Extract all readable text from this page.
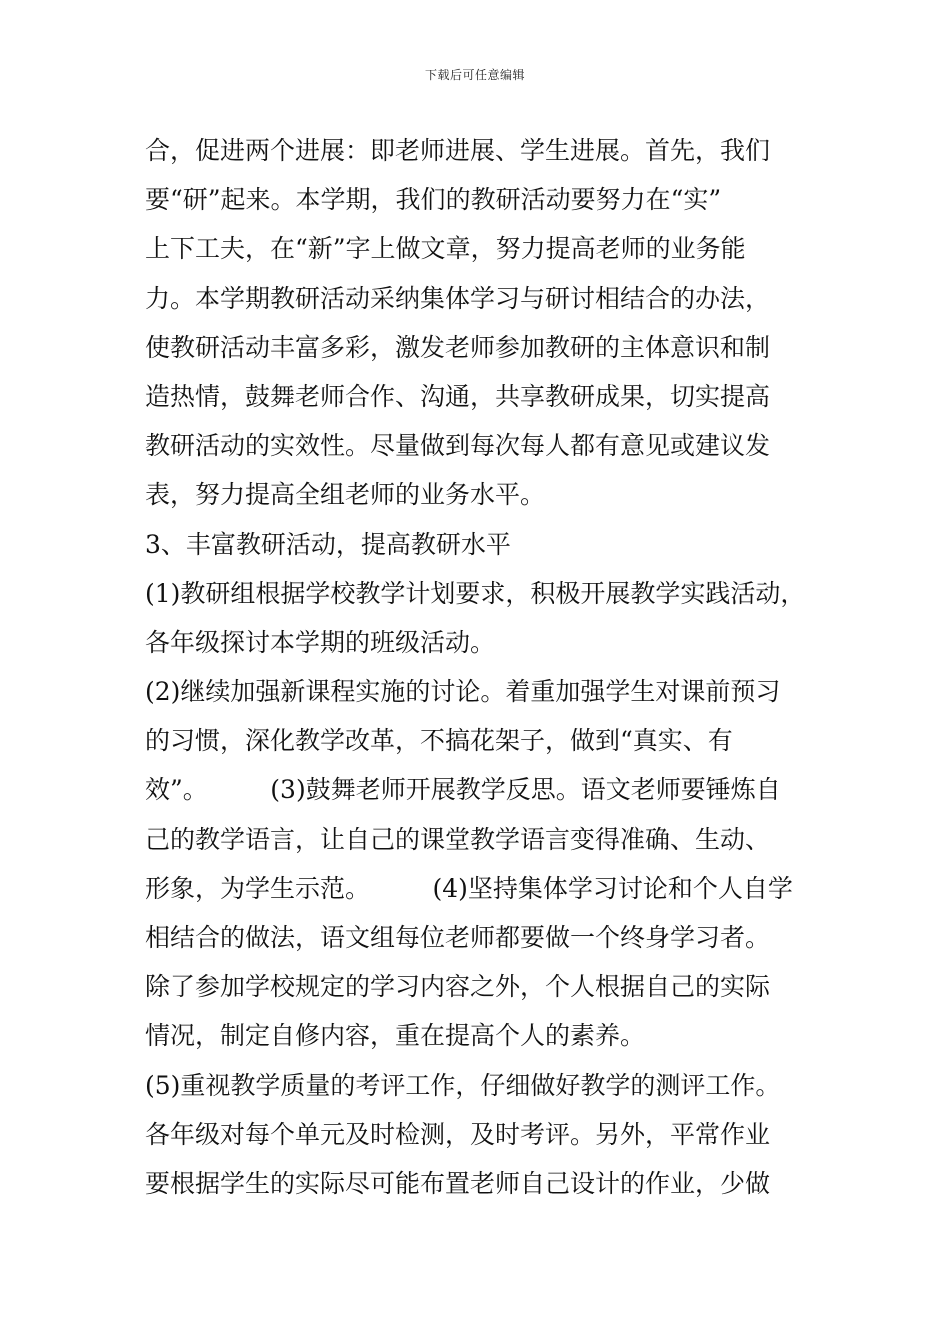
下载后可任意编辑
合，促进两个进展：即老师进展、学生进展。首先，我们
要“研”起来。本学期，我们的教研活动要努力在“实”
上下工夫，在“新”字上做文章，努力提高老师的业务能
力。本学期教研活动采纳集体学习与研讨相结合的办法，
使教研活动丰富多彩，激发老师参加教研的主体意识和制
造热情，鼓舞老师合作、沟通，共享教研成果，切实提高
教研活动的实效性。尽量做到每次每人都有意见或建议发
表，努力提高全组老师的业务水平。
3、丰富教研活动，提高教研水平
(1)教研组根据学校教学计划要求，积极开展教学实践活动，
各年级探讨本学期的班级活动。
(2)继续加强新课程实施的讨论。着重加强学生对课前预习
的习惯，深化教学改革，不搞花架子，做到“真实、有
效”。　　　(3)鼓舞老师开展教学反思。语文老师要锤炼自
己的教学语言，让自己的课堂教学语言变得准确、生动、
形象，为学生示范。　　　(4)坚持集体学习讨论和个人自学
相结合的做法，语文组每位老师都要做一个终身学习者。
除了参加学校规定的学习内容之外，个人根据自己的实际
情况，制定自修内容，重在提高个人的素养。
(5)重视教学质量的考评工作，仔细做好教学的测评工作。
各年级对每个单元及时检测，及时考评。另外，平常作业
要根据学生的实际尽可能布置老师自己设计的作业，少做
